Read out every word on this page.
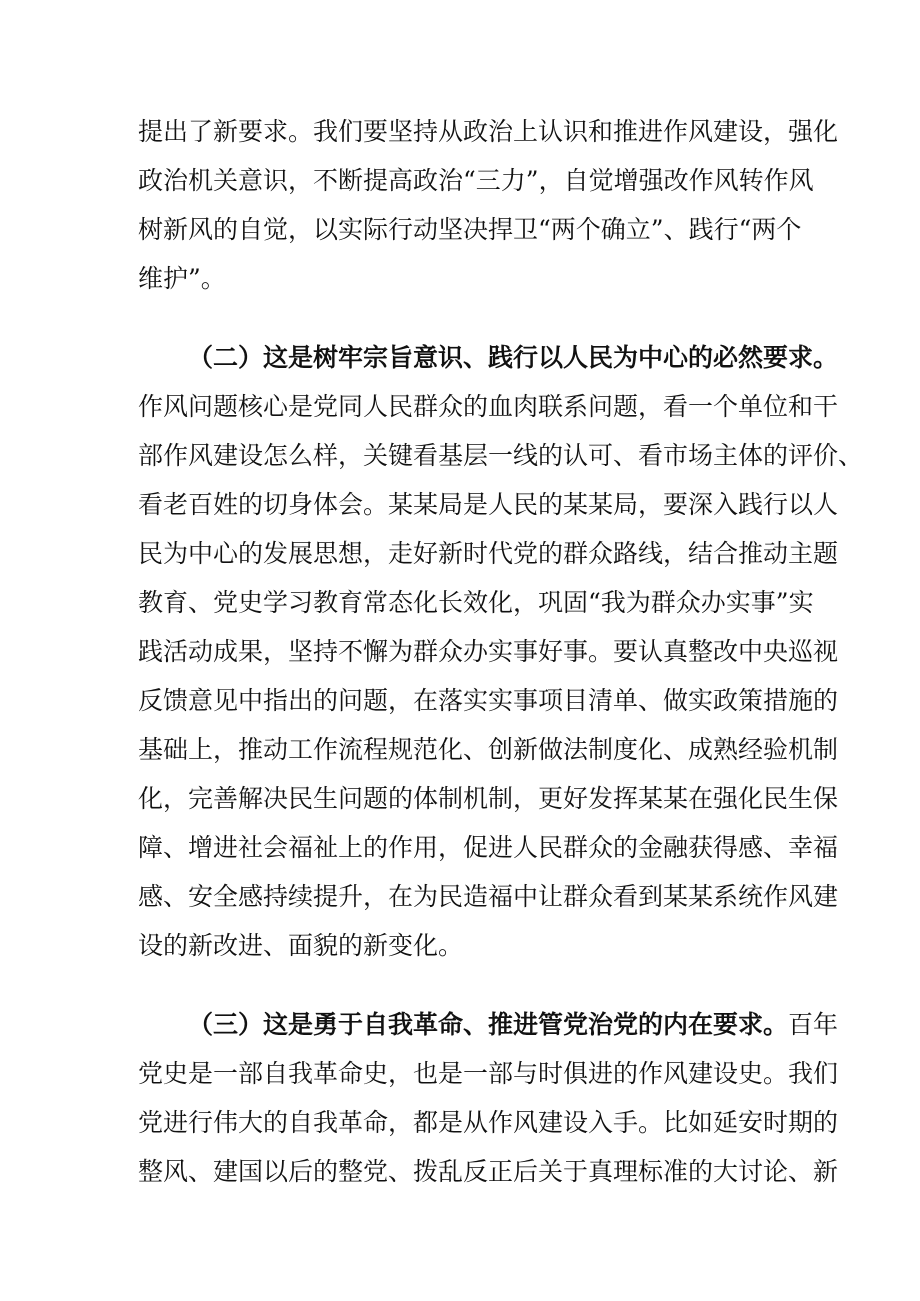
提出了新要求。我们要坚持从政治上认识和推进作风建设，强化
政治机关意识，不断提高政治“三力”，自觉增强改作风转作风
树新风的自觉，以实际行动坚决捍卫“两个确立”、践行“两个
维护”。
（二）这是树牢宗旨意识、践行以人民为中心的必然要求。
作风问题核心是党同人民群众的血肉联系问题，看一个单位和干
部作风建设怎么样，关键看基层一线的认可、看市场主体的评价、
看老百姓的切身体会。某某局是人民的某某局，要深入践行以人
民为中心的发展思想，走好新时代党的群众路线，结合推动主题
教育、党史学习教育常态化长效化，巩固“我为群众办实事”实
践活动成果，坚持不懈为群众办实事好事。要认真整改中央巡视
反馈意见中指出的问题，在落实实事项目清单、做实政策措施的
基础上，推动工作流程规范化、创新做法制度化、成熟经验机制
化，完善解决民生问题的体制机制，更好发挥某某在强化民生保
障、增进社会福祉上的作用，促进人民群众的金融获得感、幸福
感、安全感持续提升，在为民造福中让群众看到某某系统作风建
设的新改进、面貌的新变化。
（三）这是勇于自我革命、推进管党治党的内在要求。百年
党史是一部自我革命史，也是一部与时俱进的作风建设史。我们
党进行伟大的自我革命，都是从作风建设入手。比如延安时期的
整风、建国以后的整党、拨乱反正后关于真理标准的大讨论、新
